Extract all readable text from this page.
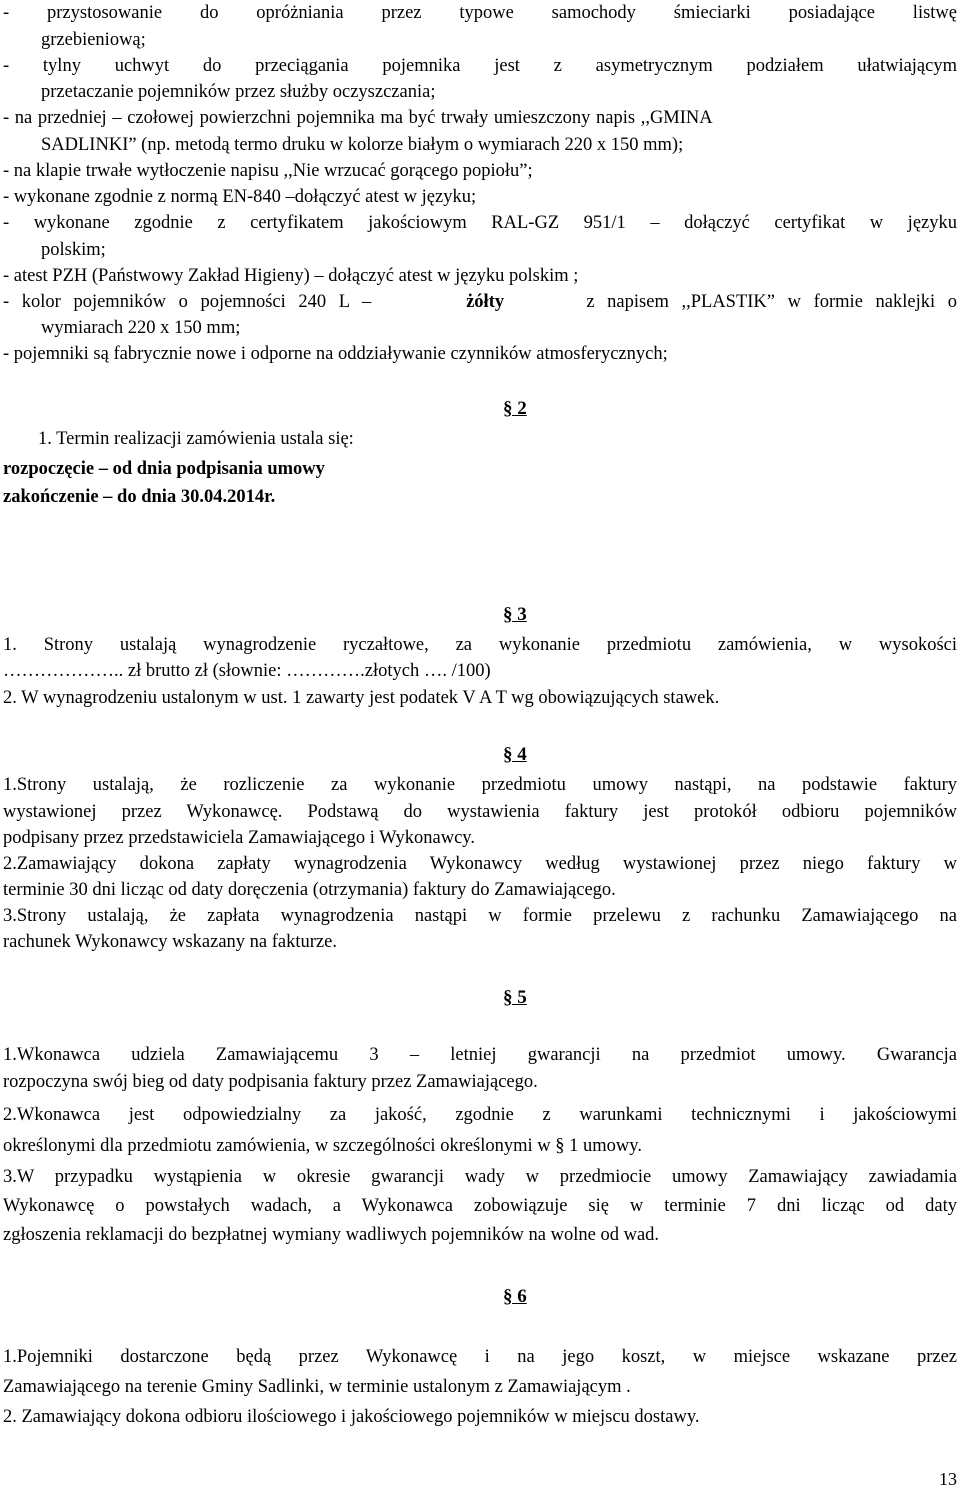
- przystosowanie do opróżniania przez typowe samochody śmieciarki posiadające listwę
grzebieniową;
- tylny uchwyt do przeciągania pojemnika jest z asymetrycznym podziałem ułatwiającym
przetaczanie pojemników przez służby oczyszczania;
- na przedniej – czołowej powierzchni pojemnika ma być trwały umieszczony napis ,,GMINA
SADLINKI” (np. metodą termo druku w kolorze białym o wymiarach 220 x 150 mm);
- na klapie trwałe wytłoczenie napisu ,,Nie wrzucać gorącego popiołu”;
- wykonane zgodnie z normą EN-840 –dołączyć atest w języku;
- wykonane zgodnie z certyfikatem jakościowym RAL-GZ 951/1 – dołączyć certyfikat w języku
polskim;
- atest PZH (Państwowy Zakład Higieny) – dołączyć atest w języku polskim ;
- kolor pojemników o pojemności 240 L –	żółty	z napisem ,,PLASTIK” w formie naklejki o
wymiarach 220 x 150 mm;
- pojemniki są fabrycznie nowe i odporne na oddziaływanie czynników atmosferycznych;
§ 2
1. Termin realizacji zamówienia ustala się:
rozpoczęcie – od dnia podpisania umowy
zakończenie – do dnia 30.04.2014r.
§ 3
1. Strony ustalają wynagrodzenie ryczałtowe, za wykonanie przedmiotu zamówienia, w wysokości
……………….. zł brutto zł (słownie: ………….złotych …. /100)
2. W wynagrodzeniu ustalonym w ust. 1 zawarty jest podatek V A T wg obowiązujących stawek.
§ 4
1.Strony ustalają, że rozliczenie za wykonanie przedmiotu umowy nastąpi, na podstawie faktury
wystawionej przez Wykonawcę. Podstawą do wystawienia faktury jest protokół odbioru pojemników
podpisany przez przedstawiciela Zamawiającego i Wykonawcy.
2.Zamawiający dokona zapłaty wynagrodzenia Wykonawcy według wystawionej przez niego faktury w
terminie 30 dni licząc od daty doręczenia (otrzymania) faktury do Zamawiającego.
3.Strony ustalają, że zapłata wynagrodzenia nastąpi w formie przelewu z rachunku Zamawiającego na
rachunek Wykonawcy wskazany na fakturze.
§ 5
1.Wkonawca udziela Zamawiającemu 3 – letniej gwarancji na przedmiot umowy. Gwarancja
rozpoczyna swój bieg od daty podpisania faktury przez Zamawiającego.
2.Wkonawca jest odpowiedzialny za jakość, zgodnie z warunkami technicznymi i jakościowymi
określonymi dla przedmiotu zamówienia, w szczególności określonymi w § 1 umowy.
3.W przypadku wystąpienia w okresie gwarancji wady w przedmiocie umowy Zamawiający zawiadamia
Wykonawcę o powstałych wadach, a Wykonawca zobowiązuje się w terminie 7 dni licząc od daty
zgłoszenia reklamacji do bezpłatnej wymiany wadliwych pojemników na wolne od wad.
§ 6
1.Pojemniki dostarczone będą przez Wykonawcę i na jego koszt, w miejsce wskazane przez
Zamawiającego na terenie Gminy Sadlinki, w terminie ustalonym z Zamawiającym .
2. Zamawiający dokona odbioru ilościowego i jakościowego pojemników w miejscu dostawy.
13
